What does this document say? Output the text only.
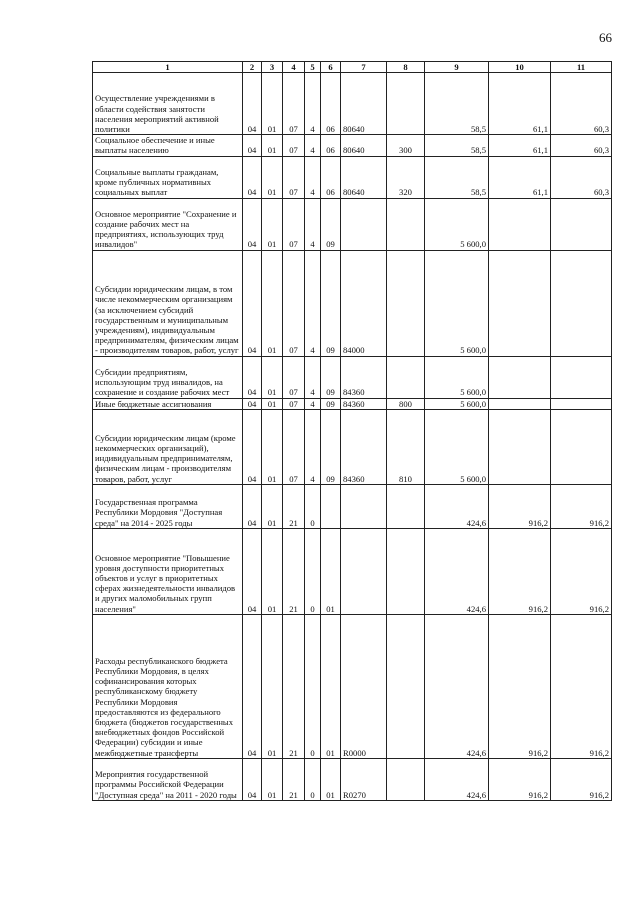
66
1	2	3	4	5	6	7	8	9	10	11
Осуществление учреждениями в области содействия занятости населения мероприятий активной политики	04	01	07	4	06	80640		58,5	61,1	60,3
Социальное обеспечение и иные выплаты населению	04	01	07	4	06	80640	300	58,5	61,1	60,3
Социальные выплаты гражданам, кроме публичных нормативных социальных выплат	04	01	07	4	06	80640	320	58,5	61,1	60,3
Основное мероприятие "Сохранение и создание рабочих мест на предприятиях, использующих труд инвалидов"	04	01	07	4	09			5 600,0		
Субсидии юридическим лицам, в том числе некоммерческим организациям (за исключением субсидий государственным и муниципальным учреждениям), индивидуальным предпринимателям, физическим лицам - производителям товаров, работ, услуг	04	01	07	4	09	84000		5 600,0		
Субсидии предприятиям, использующим труд инвалидов, на сохранение и создание рабочих мест	04	01	07	4	09	84360		5 600,0		
Иные бюджетные ассигнования	04	01	07	4	09	84360	800	5 600,0		
Субсидии юридическим лицам (кроме некоммерческих организаций), индивидуальным предпринимателям, физическим лицам - производителям товаров, работ, услуг	04	01	07	4	09	84360	810	5 600,0		
Государственная программа Республики Мордовия "Доступная среда" на 2014 - 2025 годы	04	01	21	0				424,6	916,2	916,2
Основное мероприятие "Повышение уровня доступности приоритетных объектов и услуг в приоритетных сферах жизнедеятельности инвалидов и других маломобильных групп населения"	04	01	21	0	01			424,6	916,2	916,2
Расходы республиканского бюджета Республики Мордовия, в целях софинансирования которых республиканскому бюджету Республики Мордовия предоставляются из федерального бюджета (бюджетов государственных внебюджетных фондов Российской Федерации) субсидии и иные межбюджетные трансферты	04	01	21	0	01	R0000		424,6	916,2	916,2
Мероприятия государственной программы Российской Федерации "Доступная среда" на 2011 - 2020 годы	04	01	21	0	01	R0270		424,6	916,2	916,2
